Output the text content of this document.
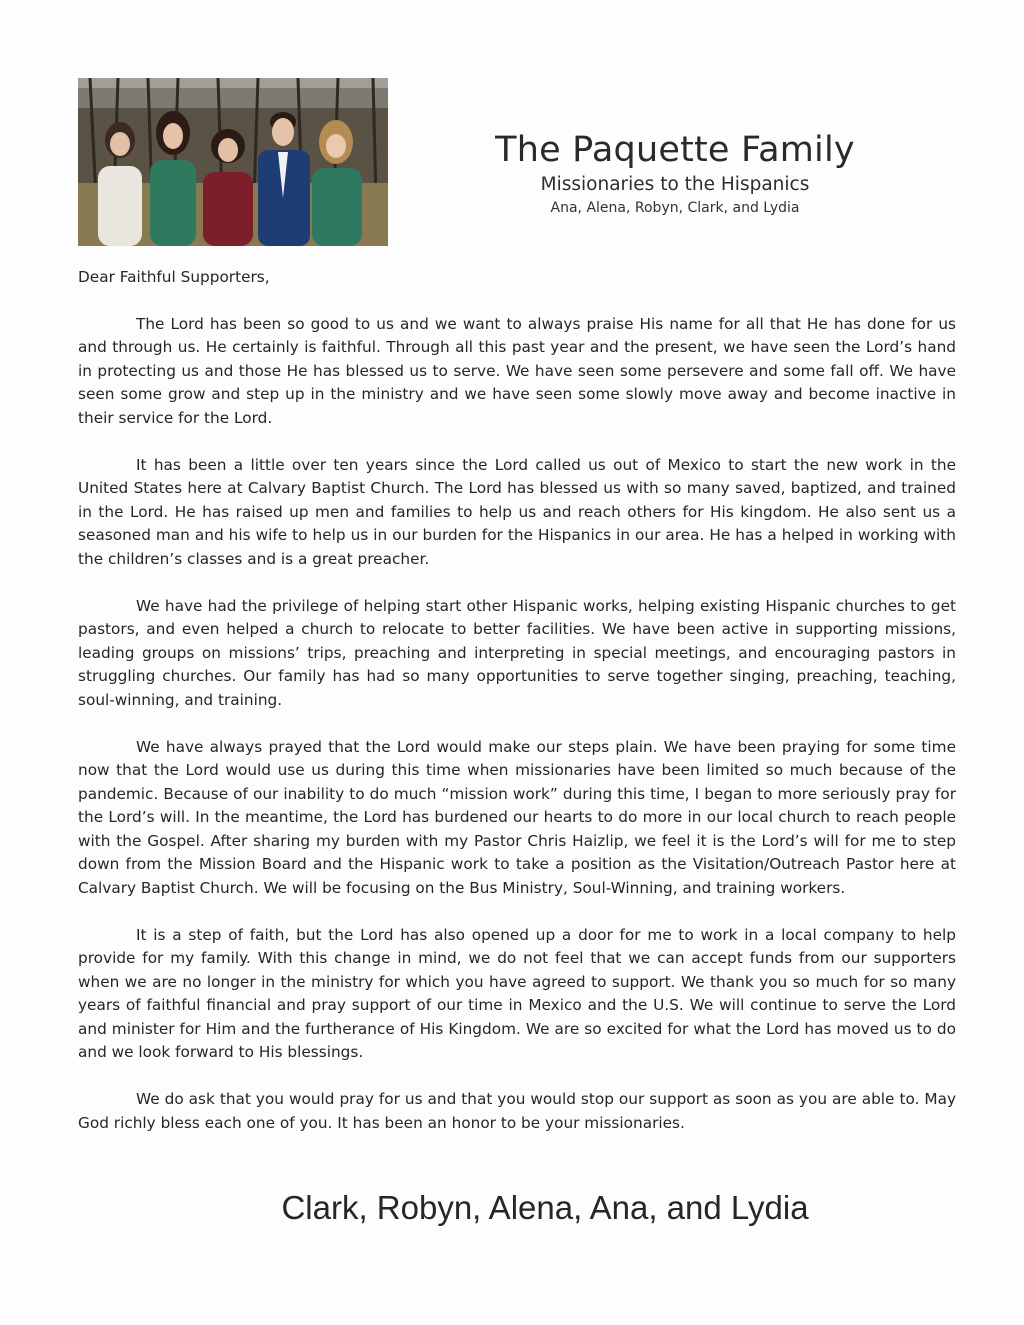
The Paquette Family

Missionaries to the Hispanics

Ana, Alena, Robyn, Clark, and Lydia

Dear Faithful Supporters,

The Lord has been so good to us and we want to always praise His name for all that He has done for us and through us. He certainly is faithful. Through all this past year and the present, we have seen the Lord’s hand in protecting us and those He has blessed us to serve. We have seen some persevere and some fall off. We have seen some grow and step up in the ministry and we have seen some slowly move away and become inactive in their service for the Lord.

It has been a little over ten years since the Lord called us out of Mexico to start the new work in the United States here at Calvary Baptist Church. The Lord has blessed us with so many saved, baptized, and trained in the Lord. He has raised up men and families to help us and reach others for His kingdom. He also sent us a seasoned man and his wife to help us in our burden for the Hispanics in our area. He has a helped in working with the children’s classes and is a great preacher.

We have had the privilege of helping start other Hispanic works, helping existing Hispanic churches to get pastors, and even helped a church to relocate to better facilities. We have been active in supporting missions, leading groups on missions’ trips, preaching and interpreting in special meetings, and encouraging pastors in struggling churches. Our family has had so many opportunities to serve together singing, preaching, teaching, soul-winning, and training.

We have always prayed that the Lord would make our steps plain. We have been praying for some time now that the Lord would use us during this time when missionaries have been limited so much because of the pandemic. Because of our inability to do much “mission work” during this time, I began to more seriously pray for the Lord’s will. In the meantime, the Lord has burdened our hearts to do more in our local church to reach people with the Gospel. After sharing my burden with my Pastor Chris Haizlip, we feel it is the Lord’s will for me to step down from the Mission Board and the Hispanic work to take a position as the Visitation/Outreach Pastor here at Calvary Baptist Church. We will be focusing on the Bus Ministry, Soul-Winning, and training workers.

It is a step of faith, but the Lord has also opened up a door for me to work in a local company to help provide for my family. With this change in mind, we do not feel that we can accept funds from our supporters when we are no longer in the ministry for which you have agreed to support. We thank you so much for so many years of faithful financial and pray support of our time in Mexico and the U.S. We will continue to serve the Lord and minister for Him and the furtherance of His Kingdom. We are so excited for what the Lord has moved us to do and we look forward to His blessings.

We do ask that you would pray for us and that you would stop our support as soon as you are able to. May God richly bless each one of you. It has been an honor to be your missionaries.

Clark, Robyn, Alena, Ana, and Lydia
